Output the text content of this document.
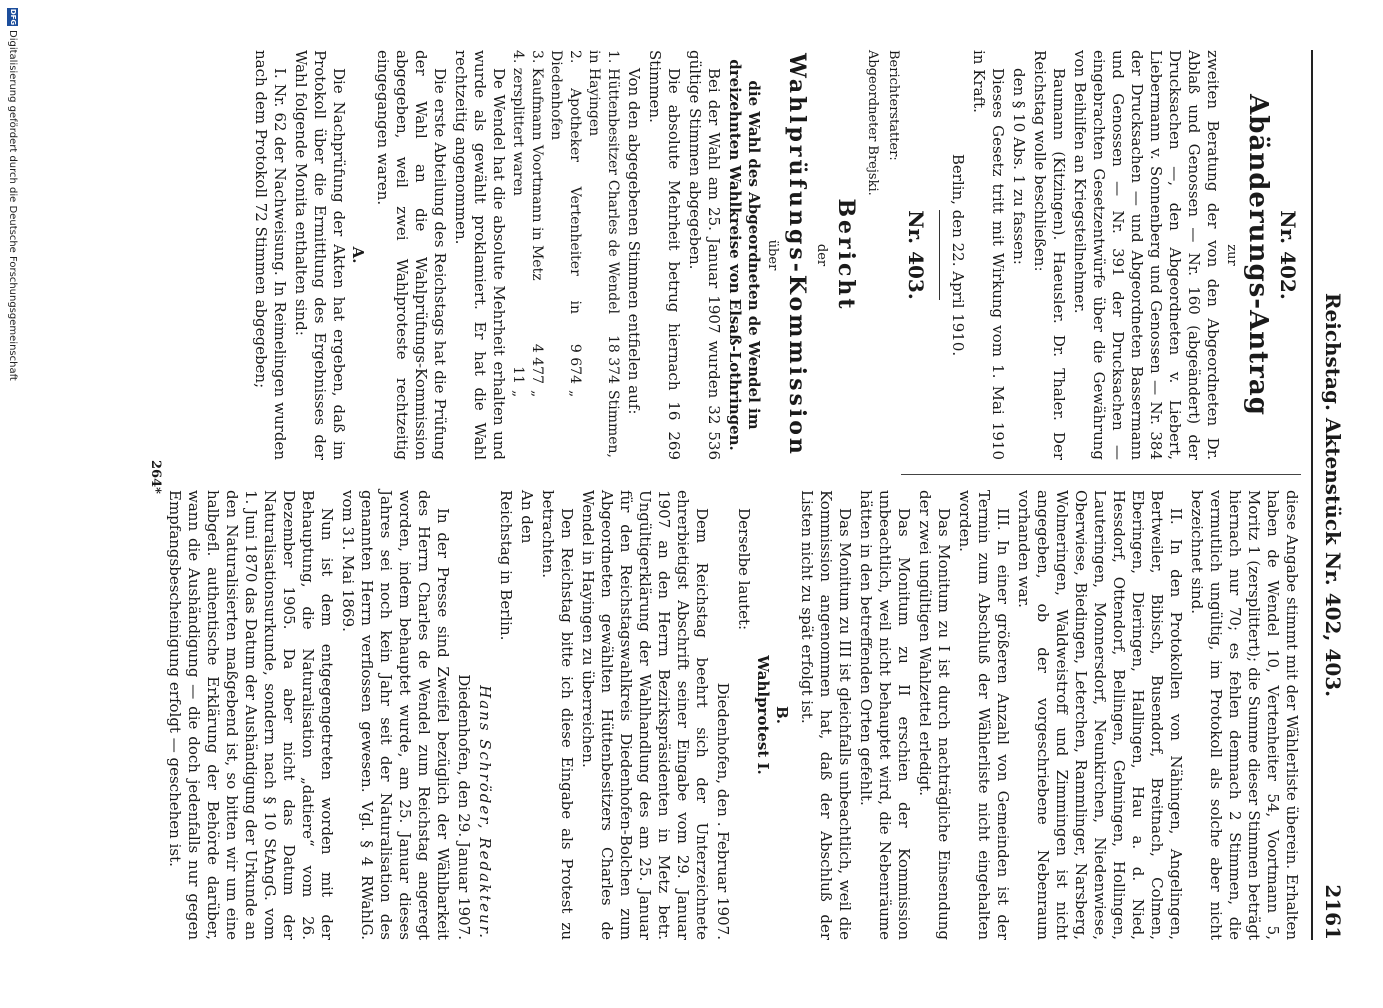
Reichstag. Aktenstück Nr. 402, 403.
2161
Nr. 402.
Abänderungs-Antrag
zur

zweiten Beratung der von den Abgeordneten Dr. Ablaß und Genossen — Nr. 160 (abgeändert) der Drucksachen —, den Abgeordneten v. Liebert, Liebermann v. Sonnenberg und Genossen — Nr. 384 der Drucksachen — und Abgeordneten Bassermann und Genossen — Nr. 391 der Drucksachen — eingebrachten Gesetzentwürfe über die Gewährung von Beihilfen an Kriegsteilnehmer.

Baumann (Kitzingen). Haeusler. Dr. Thaler. Der Reichstag wolle beschließen:

den § 10 Abs. 1 zu fassen:

Dieses Gesetz tritt mit Wirkung vom 1. Mai 1910 in Kraft.

Berlin, den 22. April 1910.

Nr. 403.

Berichterstatter:

Abgeordneter Brejski.

Bericht
der
Wahlprüfungs-Kommission
über

die Wahl des Abgeordneten de Wendel im dreizehnten Wahlkreise von Elsaß-Lothringen.

Bei der Wahl am 25. Januar 1907 wurden 32 536 gültige Stimmen abgegeben.

Die absolute Mehrheit betrug hiernach 16 269 Stimmen.

Von den abgegebenen Stimmen entfielen auf:

1. Hüttenbesitzer Charles de Wendel in Hayingen
18 374
Stimmen,
2. Apotheker Vertenheiter in Diedenhofen
9 674
„
3. Kaufmann Voortmann in Metz
4 477
„
4. zersplittert waren
11
„

De Wendel hat die absolute Mehrheit erhalten und wurde als gewählt proklamiert. Er hat die Wahl rechtzeitig angenommen.

Die erste Abteilung des Reichstags hat die Prüfung der Wahl an die Wahlprüfungs-Kommission abgegeben, weil zwei Wahlproteste rechtzeitig eingegangen waren.

A.

Die Nachprüfung der Akten hat ergeben, daß im Protokoll über die Ermittlung des Ergebnisses der Wahl folgende Monita enthalten sind:

I. Nr. 62 der Nachweisung. In Reimelingen wurden nach dem Protokoll 72 Stimmen abgegeben;

diese Angabe stimmt mit der Wählerliste überein. Erhalten haben de Wendel 10, Vertenheiter 54, Voortmann 5, Moritz 1 (zersplittert); die Summe dieser Stimmen beträgt hiernach nur 70; es fehlen demnach 2 Stimmen, die vermutlich ungültig, im Protokoll als solche aber nicht bezeichnet sind.

II. In den Protokollen von Nähingen, Angelingen, Bertweiler, Bibisch, Busendorf, Breitnach, Colmen, Eberingen, Dieringen, Hallingen, Hau a. d. Nied, Hessdorf, Ottendorf, Bellingen, Gelmingen, Hollingen, Lauteringen, Monnersdorf, Neunkirchen, Niedenwiese, Oberwiese, Biedingen, Leterchen, Rammlinger, Narsberg, Wolmeringen, Waldweistroff und Zimmingen ist nicht angegeben, ob der vorgeschriebene Nebenraum vorhanden war.

III. In einer größeren Anzahl von Gemeinden ist der Termin zum Abschluß der Wählerliste nicht eingehalten worden.

Das Monitum zu I ist durch nachträgliche Einsendung der zwei ungültigen Wahlzettel erledigt.

Das Monitum zu II erschien der Kommission unbeachtlich, weil nicht behauptet wird, die Nebenräume hätten in den betreffenden Orten gefehlt.

Das Monitum zu III ist gleichfalls unbeachtlich, weil die Kommission angenommen hat, daß der Abschluß der Listen nicht zu spät erfolgt ist.

B.
Wahlprotest I.

Derselbe lautet:

Diedenhofen, den . Februar 1907.

Dem Reichstag beehrt sich der Unterzeichnete ehrerbietigst Abschrift seiner Eingabe vom 29. Januar 1907 an den Herrn Bezirkspräsidenten in Metz betr. Ungültigerklärung der Wahlhandlung des am 25. Januar für den Reichstagswahlkreis Diedenhofen-Bolchen zum Abgeordneten gewählten Hüttenbesitzers Charles de Wendel in Hayingen zu überreichen.

Den Reichstag bitte ich diese Eingabe als Protest zu betrachten.

An den

Reichstag in Berlin.

Hans Schröder, Redakteur.

Diedenhofen, den 29. Januar 1907.

In der Presse sind Zweifel bezüglich der Wählbarkeit des Herrn Charles de Wendel zum Reichstag angeregt worden, indem behauptet wurde, am 25. Januar dieses Jahres sei noch kein Jahr seit der Naturalisation des genannten Herrn verflossen gewesen. Vgl. § 4 RWahlG. vom 31. Mai 1869.

Nun ist dem entgegengetreten worden mit der Behauptung, die Naturalisation „datiere“ vom 26. Dezember 1905. Da aber nicht das Datum der Naturalisationsurkunde, sondern nach § 10 StAngG. vom 1. Juni 1870 das Datum der Aushändigung der Urkunde an den Naturalisierten maßgebend ist, so bitten wir um eine halbgefl. authentische Erklärung der Behörde darüber, wann die Aushändigung — die doch jedenfalls nur gegen Empfangsbescheinigung erfolgt — geschehen ist.

264*
DFG
Digitalisierung gefördert durch die Deutsche Forschungsgemeinschaft
